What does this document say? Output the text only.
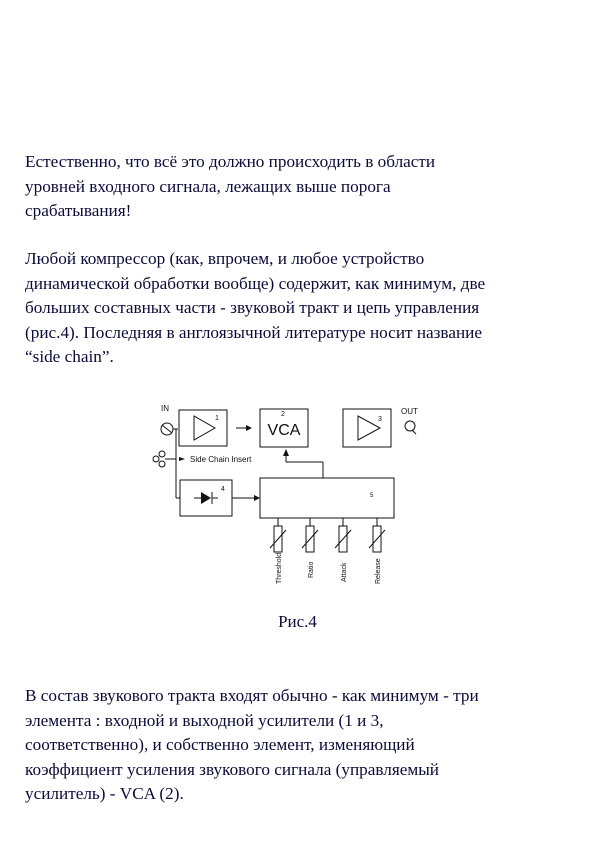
Естественно, что всё это должно происходить в области
уровней входного сигнала, лежащих выше порога
срабатывания!

Любой компрессор (как, впрочем, и любое устройство
динамической обработки вообще) содержит, как минимум, две
больших составных части - звуковой тракт и цепь управления
(рис.4). Последняя в англоязычной литературе носит название
“side chain”.

IN	OUT
1
2
VCA
3
4
5
Side Chain Insert
Threshold	Ratio	Attack	Release
Рис.4

В состав звукового тракта входят обычно - как минимум - три
элемента : входной и выходной усилители (1 и 3,
соответственно), и собственно элемент, изменяющий
коэффициент усиления звукового сигнала (управляемый
усилитель) - VCA (2).
